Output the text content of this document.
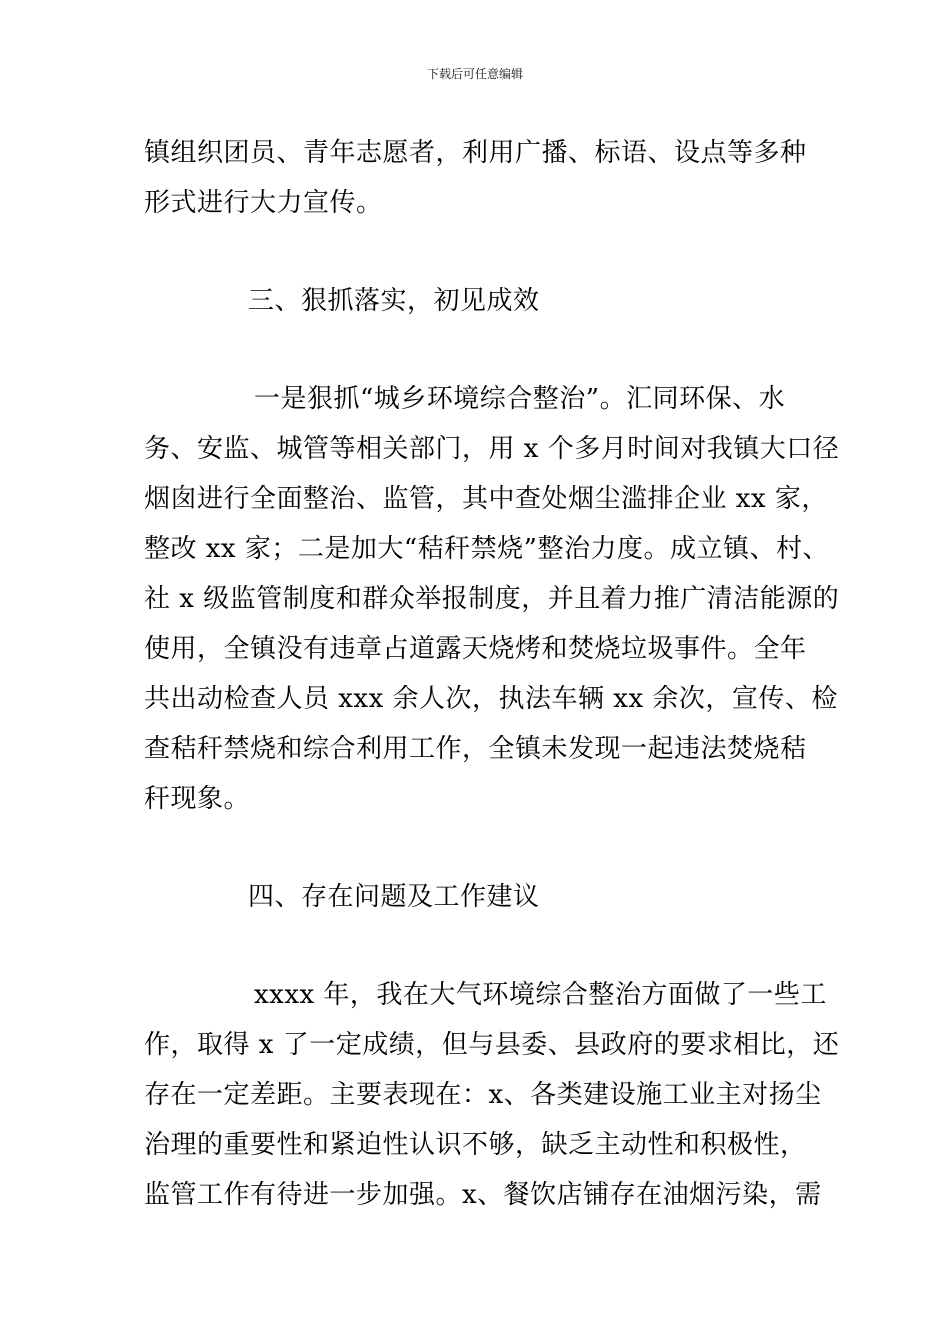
下载后可任意编辑
镇组织团员、青年志愿者，利用广播、标语、设点等多种
形式进行大力宣传。
三、狠抓落实，初见成效
一是狠抓“城乡环境综合整治”。汇同环保、水
务、安监、城管等相关部门，用 x 个多月时间对我镇大口径
烟囱进行全面整治、监管，其中查处烟尘滥排企业 xx 家，
整改 xx 家；二是加大“秸秆禁烧”整治力度。成立镇、村、
社 x 级监管制度和群众举报制度，并且着力推广清洁能源的
使用，全镇没有违章占道露天烧烤和焚烧垃圾事件。全年
共出动检查人员 xxx 余人次，执法车辆 xx 余次，宣传、检
查秸秆禁烧和综合利用工作，全镇未发现一起违法焚烧秸
秆现象。
四、存在问题及工作建议
xxxx 年，我在大气环境综合整治方面做了一些工
作，取得 x 了一定成绩，但与县委、县政府的要求相比，还
存在一定差距。主要表现在：x、各类建设施工业主对扬尘
治理的重要性和紧迫性认识不够，缺乏主动性和积极性，
监管工作有待进一步加强。x、餐饮店铺存在油烟污染，需
